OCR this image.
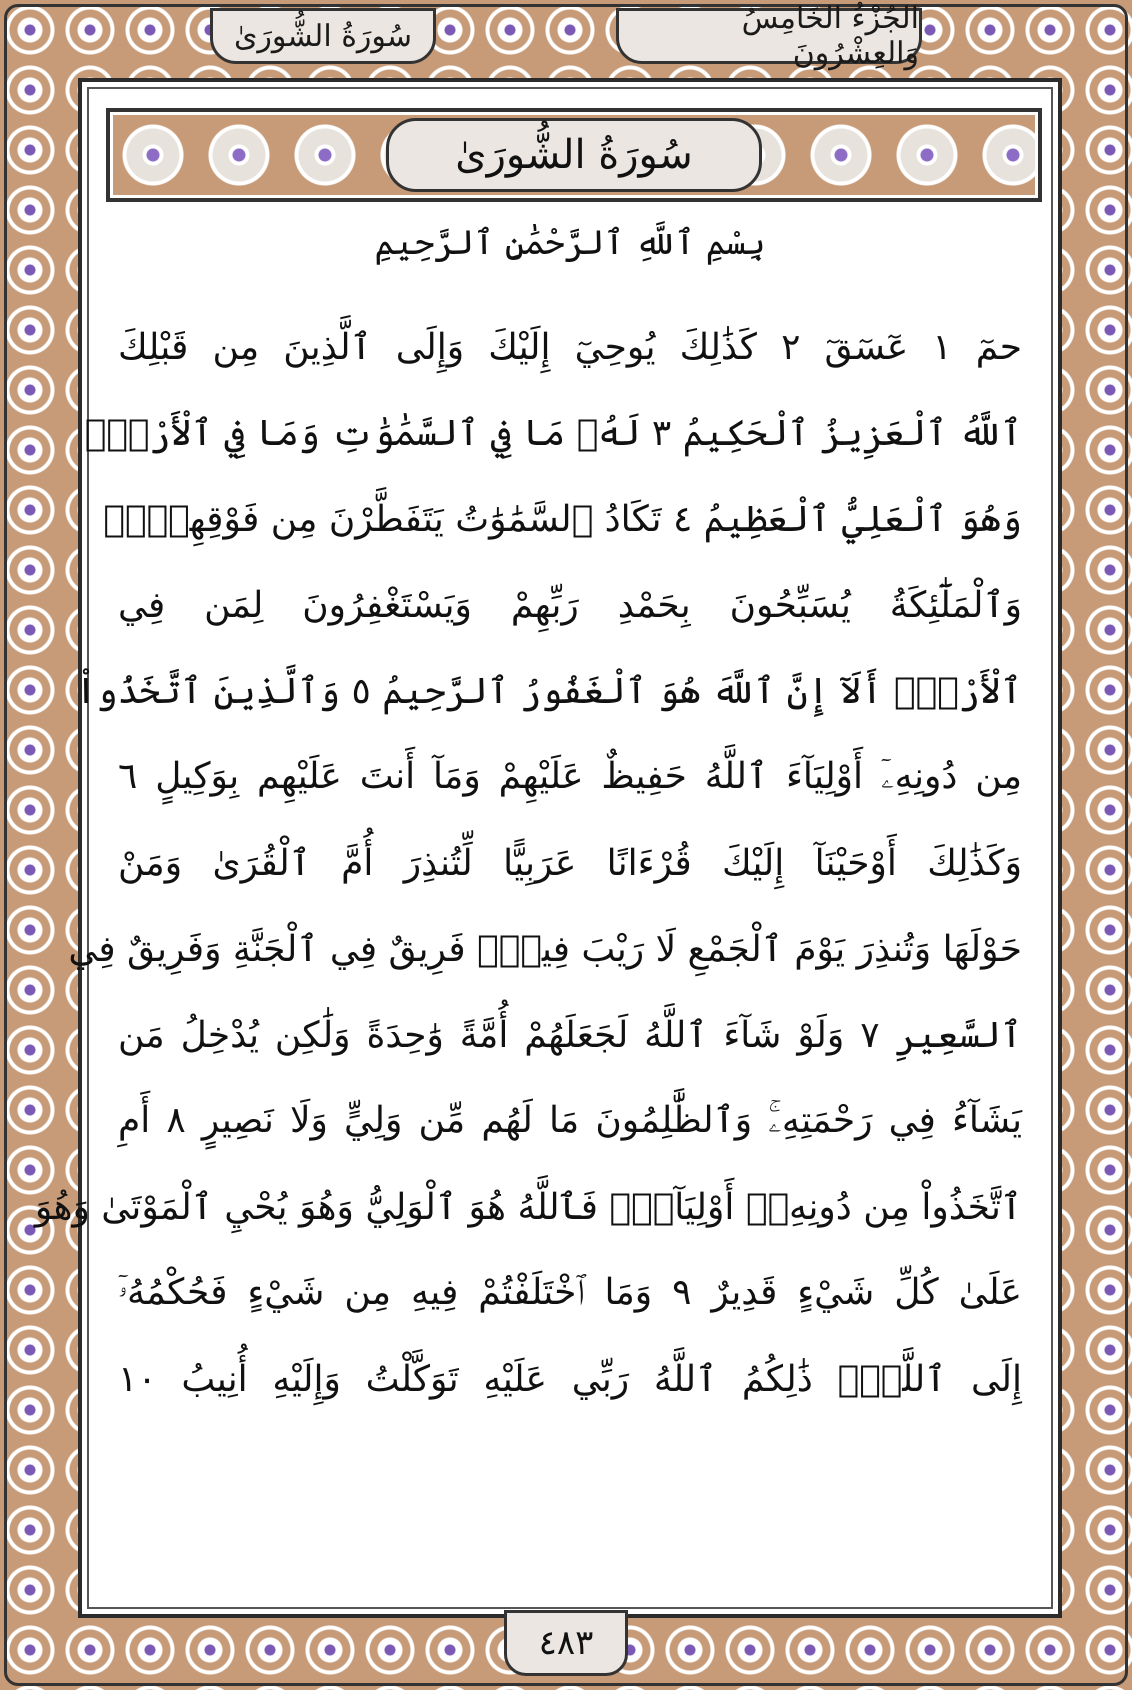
الجُزْءُ الخَامِسُ وَالعِشْرُونَ
سُورَةُ الشُّورَىٰ
سُورَةُ الشُّورَىٰ
بِسْمِ ٱللَّهِ ٱلرَّحْمَٰنِ ٱلرَّحِيمِ
حمٓ ١ عٓسٓقٓ ٢ كَذَٰلِكَ يُوحِيٓ إِلَيْكَ وَإِلَى ٱلَّذِينَ مِن قَبْلِكَ
ٱللَّهُ ٱلْعَزِيزُ ٱلْحَكِيمُ ٣ لَهُۥ مَا فِي ٱلسَّمَٰوَٰتِ وَمَا فِي ٱلْأَرْضِۖ
وَهُوَ ٱلْعَلِيُّ ٱلْعَظِيمُ ٤ تَكَادُ ٱلسَّمَٰوَٰتُ يَتَفَطَّرْنَ مِن فَوْقِهِنَّۚ
وَٱلْمَلَٰٓئِكَةُ يُسَبِّحُونَ بِحَمْدِ رَبِّهِمْ وَيَسْتَغْفِرُونَ لِمَن فِي
ٱلْأَرْضِۗ أَلَآ إِنَّ ٱللَّهَ هُوَ ٱلْغَفُورُ ٱلرَّحِيمُ ٥ وَٱلَّذِينَ ٱتَّخَذُواْ
مِن دُونِهِۦٓ أَوْلِيَآءَ ٱللَّهُ حَفِيظٌ عَلَيْهِمْ وَمَآ أَنتَ عَلَيْهِم بِوَكِيلٍ ٦
وَكَذَٰلِكَ أَوْحَيْنَآ إِلَيْكَ قُرْءَانًا عَرَبِيًّا لِّتُنذِرَ أُمَّ ٱلْقُرَىٰ وَمَنْ
حَوْلَهَا وَتُنذِرَ يَوْمَ ٱلْجَمْعِ لَا رَيْبَ فِيهِۚ فَرِيقٌ فِي ٱلْجَنَّةِ وَفَرِيقٌ فِي
ٱلسَّعِيرِ ٧ وَلَوْ شَآءَ ٱللَّهُ لَجَعَلَهُمْ أُمَّةً وَٰحِدَةً وَلَٰكِن يُدْخِلُ مَن
يَشَآءُ فِي رَحْمَتِهِۦۚ وَٱلظَّٰلِمُونَ مَا لَهُم مِّن وَلِيٍّ وَلَا نَصِيرٍ ٨ أَمِ
ٱتَّخَذُواْ مِن دُونِهِۦٓ أَوْلِيَآءَۖ فَٱللَّهُ هُوَ ٱلْوَلِيُّ وَهُوَ يُحْيِ ٱلْمَوْتَىٰ وَهُوَ
عَلَىٰ كُلِّ شَيْءٍ قَدِيرٌ ٩ وَمَا ٱخْتَلَفْتُمْ فِيهِ مِن شَيْءٍ فَحُكْمُهُۥٓ
إِلَى ٱللَّهِۚ ذَٰلِكُمُ ٱللَّهُ رَبِّي عَلَيْهِ تَوَكَّلْتُ وَإِلَيْهِ أُنِيبُ ١٠
٤٨٣
